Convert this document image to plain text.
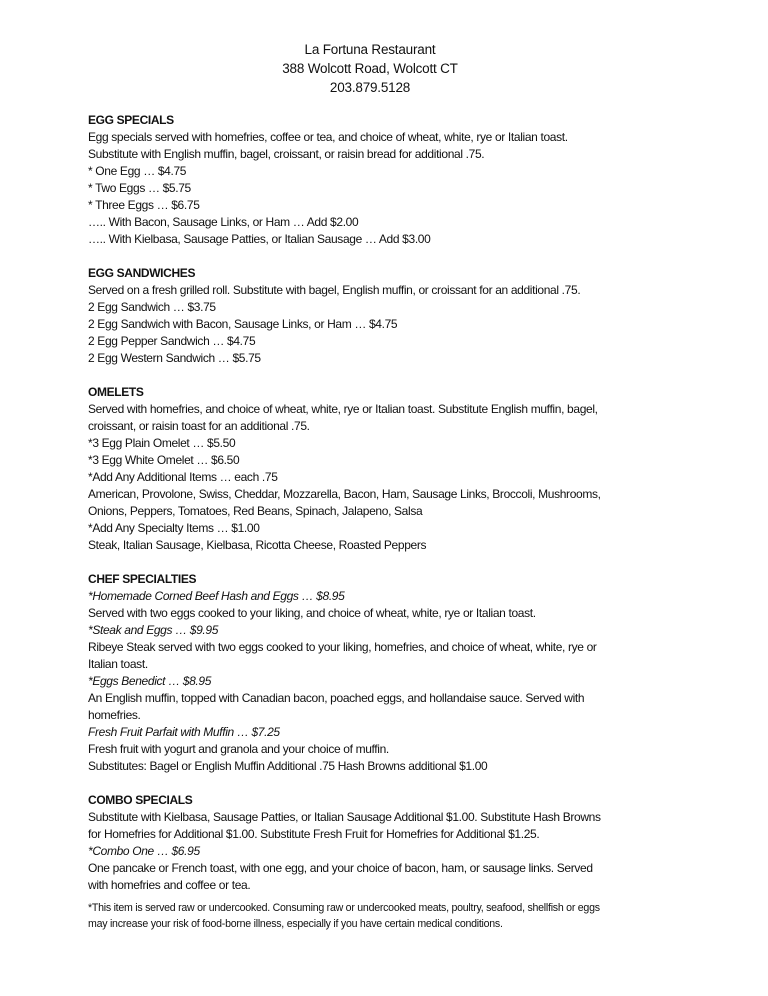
La Fortuna Restaurant
388 Wolcott Road, Wolcott CT
203.879.5128
EGG SPECIALS
Egg specials served with homefries, coffee or tea, and choice of wheat, white, rye or Italian toast.
Substitute with English muffin, bagel, croissant, or raisin bread for additional .75.
* One Egg … $4.75
* Two Eggs … $5.75
* Three Eggs … $6.75
….. With Bacon, Sausage Links, or Ham … Add $2.00
….. With Kielbasa, Sausage Patties, or Italian Sausage … Add $3.00
EGG SANDWICHES
Served on a fresh grilled roll. Substitute with bagel, English muffin, or croissant for an additional .75.
2 Egg Sandwich … $3.75
2 Egg Sandwich with Bacon, Sausage Links, or Ham … $4.75
2 Egg Pepper Sandwich … $4.75
2 Egg Western Sandwich … $5.75
OMELETS
Served with homefries, and choice of wheat, white, rye or Italian toast. Substitute English muffin, bagel,
croissant, or raisin toast for an additional .75.
*3 Egg Plain Omelet … $5.50
*3 Egg White Omelet … $6.50
*Add Any Additional Items … each .75
American, Provolone, Swiss, Cheddar, Mozzarella, Bacon, Ham, Sausage Links, Broccoli, Mushrooms,
Onions, Peppers, Tomatoes, Red Beans, Spinach, Jalapeno, Salsa
*Add Any Specialty Items … $1.00
Steak, Italian Sausage, Kielbasa, Ricotta Cheese, Roasted Peppers
CHEF SPECIALTIES
*Homemade Corned Beef Hash and Eggs … $8.95
Served with two eggs cooked to your liking, and choice of wheat, white, rye or Italian toast.
*Steak and Eggs … $9.95
Ribeye Steak served with two eggs cooked to your liking, homefries, and choice of wheat, white, rye or
Italian toast.
*Eggs Benedict … $8.95
An English muffin, topped with Canadian bacon, poached eggs, and hollandaise sauce. Served with
homefries.
Fresh Fruit Parfait with Muffin … $7.25
Fresh fruit with yogurt and granola and your choice of muffin.
Substitutes: Bagel or English Muffin Additional .75 Hash Browns additional $1.00
COMBO SPECIALS
Substitute with Kielbasa, Sausage Patties, or Italian Sausage Additional $1.00. Substitute Hash Browns
for Homefries for Additional $1.00. Substitute Fresh Fruit for Homefries for Additional $1.25.
*Combo One … $6.95
One pancake or French toast, with one egg, and your choice of bacon, ham, or sausage links. Served
with homefries and coffee or tea.
*This item is served raw or undercooked. Consuming raw or undercooked meats, poultry, seafood, shellfish or eggs
may increase your risk of food-borne illness, especially if you have certain medical conditions.
